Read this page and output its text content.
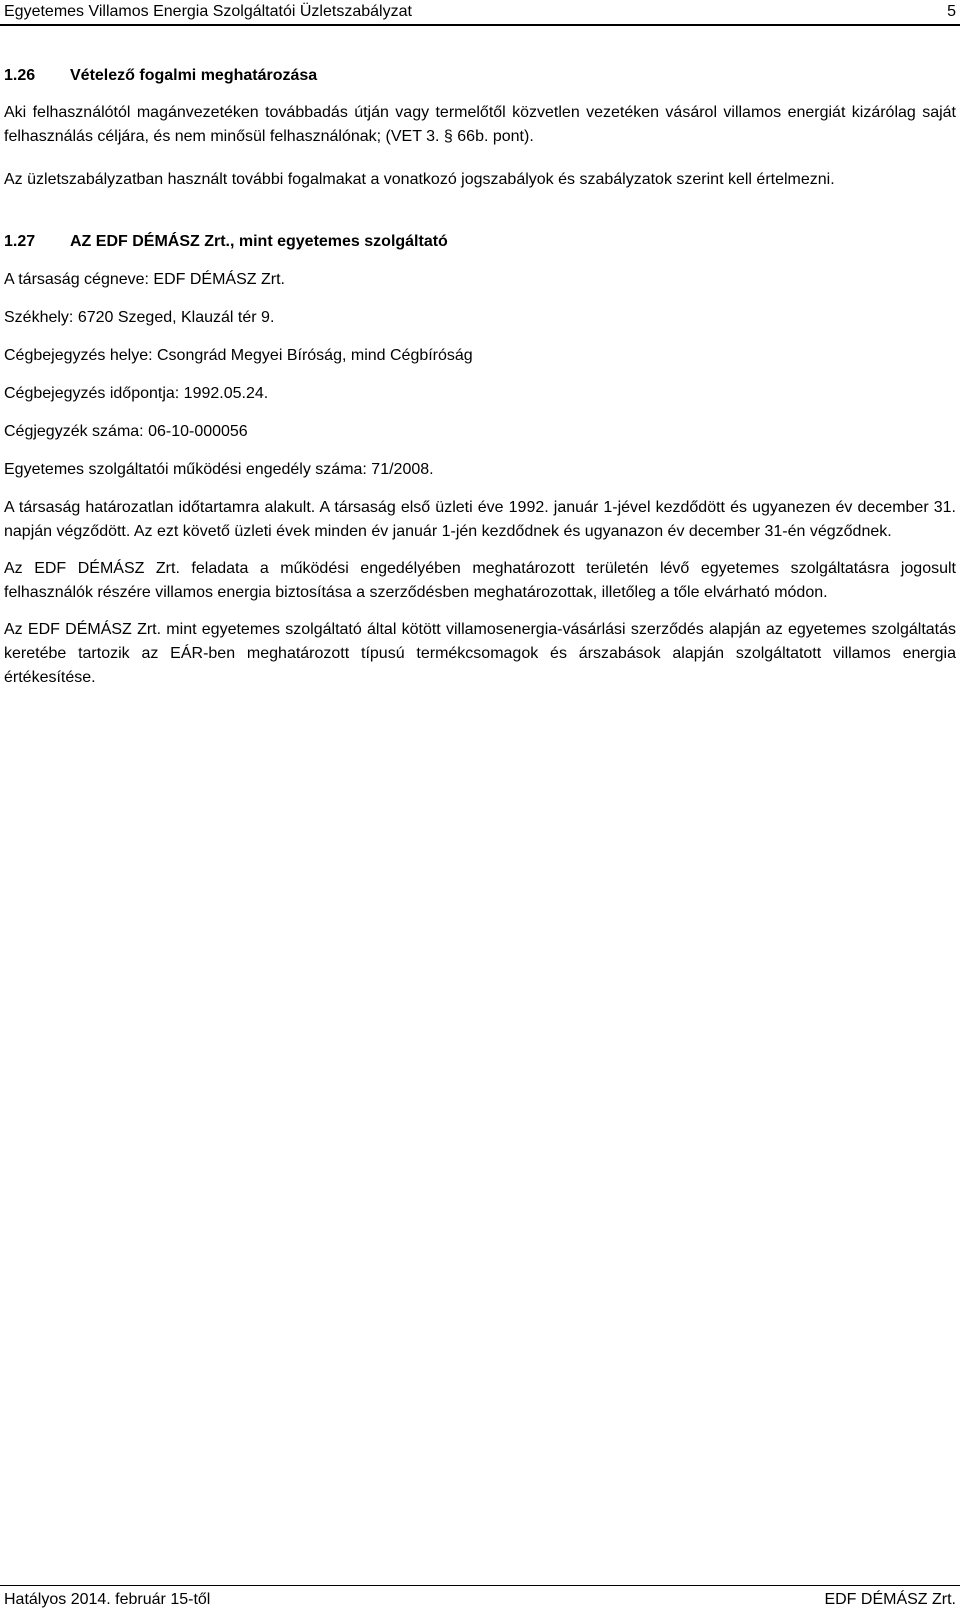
Egyetemes Villamos Energia Szolgáltatói Üzletszabályzat	5
1.26 Vételező fogalmi meghatározása

Aki felhasználótól magánvezetéken továbbadás útján vagy termelőtől közvetlen vezetéken vásárol villamos energiát kizárólag saját felhasználás céljára, és nem minősül felhasználónak; (VET 3. § 66b. pont).

Az üzletszabályzatban használt további fogalmakat a vonatkozó jogszabályok és szabályzatok szerint kell értelmezni.

1.27 AZ EDF DÉMÁSZ Zrt., mint egyetemes szolgáltató

A társaság cégneve: EDF DÉMÁSZ Zrt.

Székhely: 6720 Szeged, Klauzál tér 9.

Cégbejegyzés helye: Csongrád Megyei Bíróság, mind Cégbíróság

Cégbejegyzés időpontja: 1992.05.24.

Cégjegyzék száma: 06-10-000056

Egyetemes szolgáltatói működési engedély száma: 71/2008.

A társaság határozatlan időtartamra alakult. A társaság első üzleti éve 1992. január 1-jével kezdődött és ugyanezen év december 31. napján végződött. Az ezt követő üzleti évek minden év január 1-jén kezdődnek és ugyanazon év december 31-én végződnek.

Az EDF DÉMÁSZ Zrt. feladata a működési engedélyében meghatározott területén lévő egyetemes szolgáltatásra jogosult felhasználók részére villamos energia biztosítása a szerződésben meghatározottak, illetőleg a tőle elvárható módon.

Az EDF DÉMÁSZ Zrt. mint egyetemes szolgáltató által kötött villamosenergia-vásárlási szerződés alapján az egyetemes szolgáltatás keretébe tartozik az EÁR-ben meghatározott típusú termékcsomagok és árszabások alapján szolgáltatott villamos energia értékesítése.

Hatályos 2014. február 15-től	EDF DÉMÁSZ Zrt.
